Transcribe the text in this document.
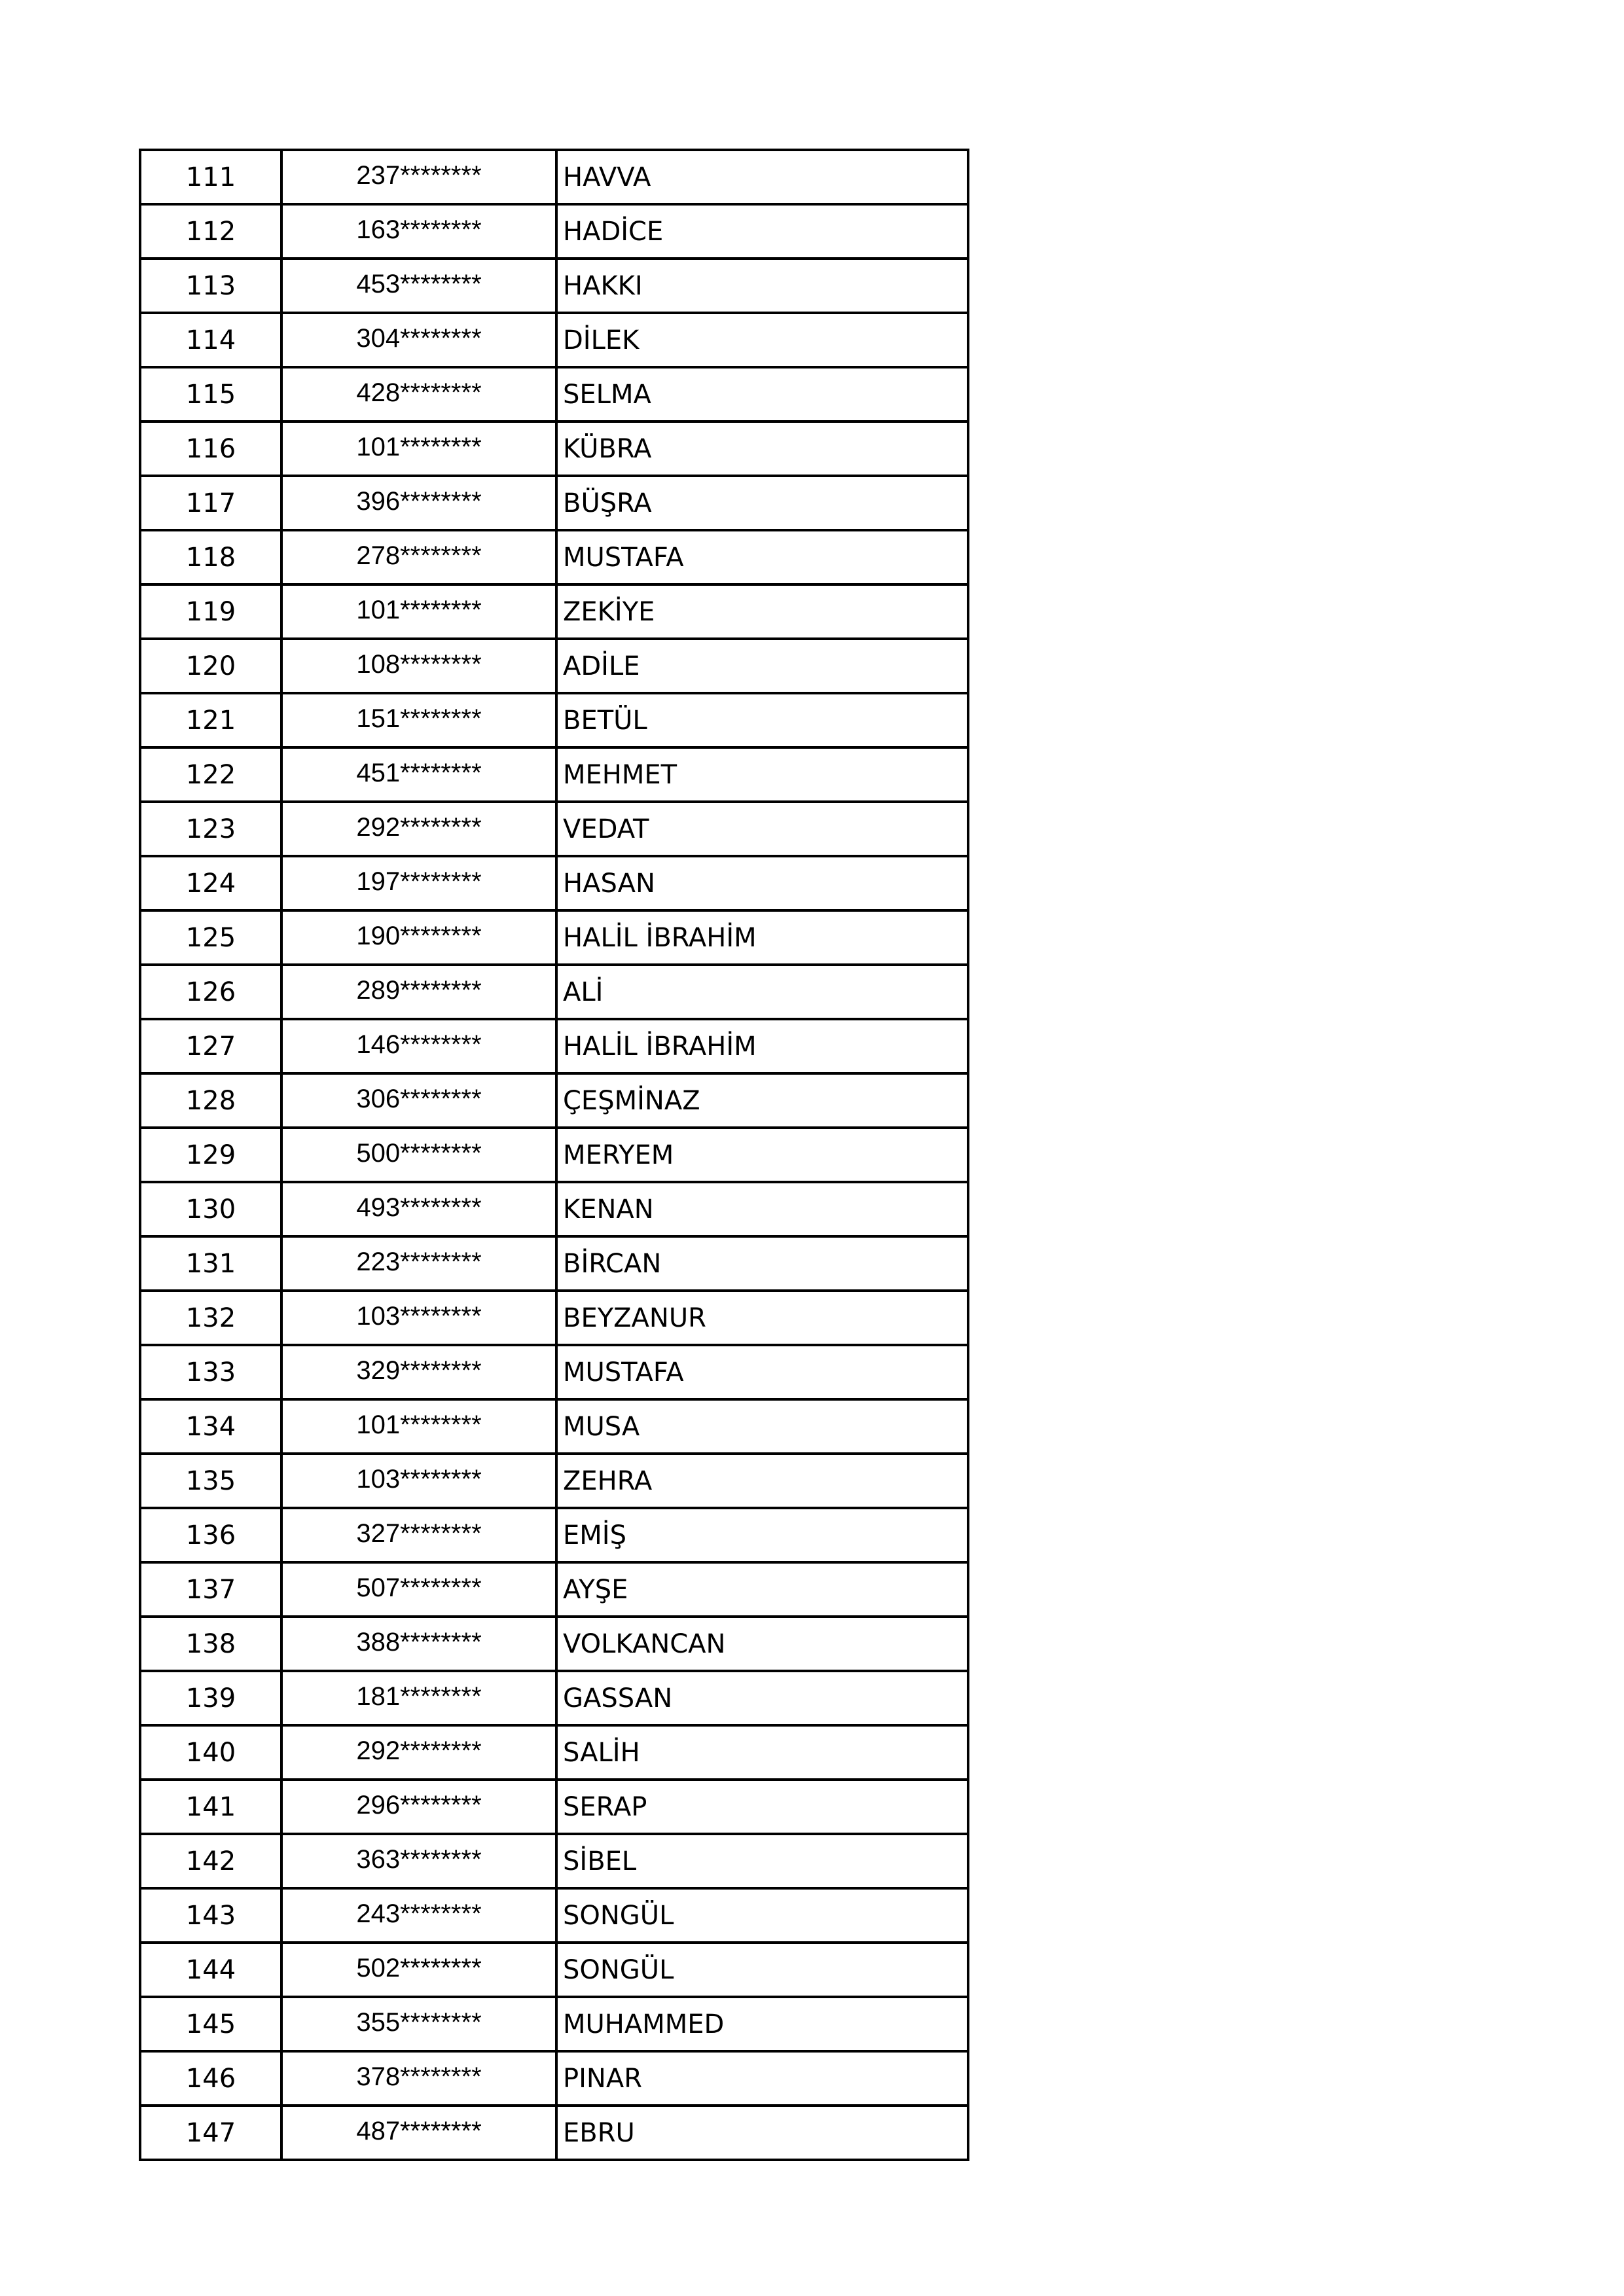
111	237********	HAVVA
112	163********	HADİCE
113	453********	HAKKI
114	304********	DİLEK
115	428********	SELMA
116	101********	KÜBRA
117	396********	BÜŞRA
118	278********	MUSTAFA
119	101********	ZEKİYE
120	108********	ADİLE
121	151********	BETÜL
122	451********	MEHMET
123	292********	VEDAT
124	197********	HASAN
125	190********	HALİL İBRAHİM
126	289********	ALİ
127	146********	HALİL İBRAHİM
128	306********	ÇEŞMİNAZ
129	500********	MERYEM
130	493********	KENAN
131	223********	BİRCAN
132	103********	BEYZANUR
133	329********	MUSTAFA
134	101********	MUSA
135	103********	ZEHRA
136	327********	EMİŞ
137	507********	AYŞE
138	388********	VOLKANCAN
139	181********	GASSAN
140	292********	SALİH
141	296********	SERAP
142	363********	SİBEL
143	243********	SONGÜL
144	502********	SONGÜL
145	355********	MUHAMMED
146	378********	PINAR
147	487********	EBRU
